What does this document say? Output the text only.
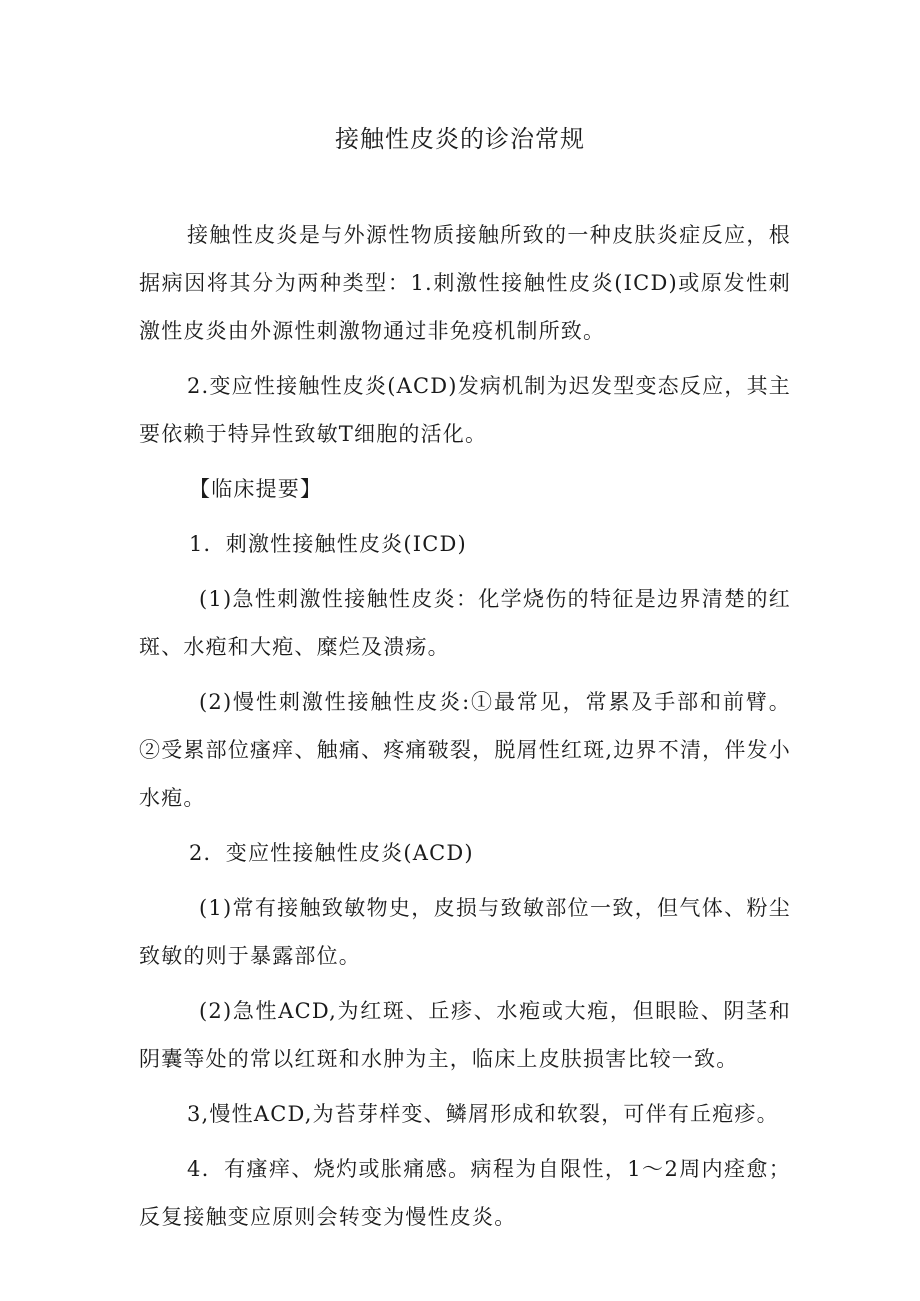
接触性皮炎的诊治常规

接触性皮炎是与外源性物质接触所致的一种皮肤炎症反应，根据病因将其分为两种类型：1.刺激性接触性皮炎(ICD)或原发性刺激性皮炎由外源性刺激物通过非免疫机制所致。

2.变应性接触性皮炎(ACD)发病机制为迟发型变态反应，其主要依赖于特异性致敏T细胞的活化。

【临床提要】

1．刺激性接触性皮炎(ICD)

(1)急性刺激性接触性皮炎：化学烧伤的特征是边界清楚的红斑、水疱和大疱、糜烂及溃疡。

(2)慢性刺激性接触性皮炎:①最常见，常累及手部和前臂。②受累部位瘙痒、触痛、疼痛皲裂，脱屑性红斑,边界不清，伴发小水疱。

2．变应性接触性皮炎(ACD)

(1)常有接触致敏物史，皮损与致敏部位一致，但气体、粉尘致敏的则于暴露部位。

(2)急性ACD,为红斑、丘疹、水疱或大疱，但眼睑、阴茎和阴囊等处的常以红斑和水肿为主，临床上皮肤损害比较一致。

3,慢性ACD,为苔芽样变、鳞屑形成和软裂，可伴有丘疱疹。

4．有瘙痒、烧灼或胀痛感。病程为自限性，1～2周内痊愈；反复接触变应原则会转变为慢性皮炎。
